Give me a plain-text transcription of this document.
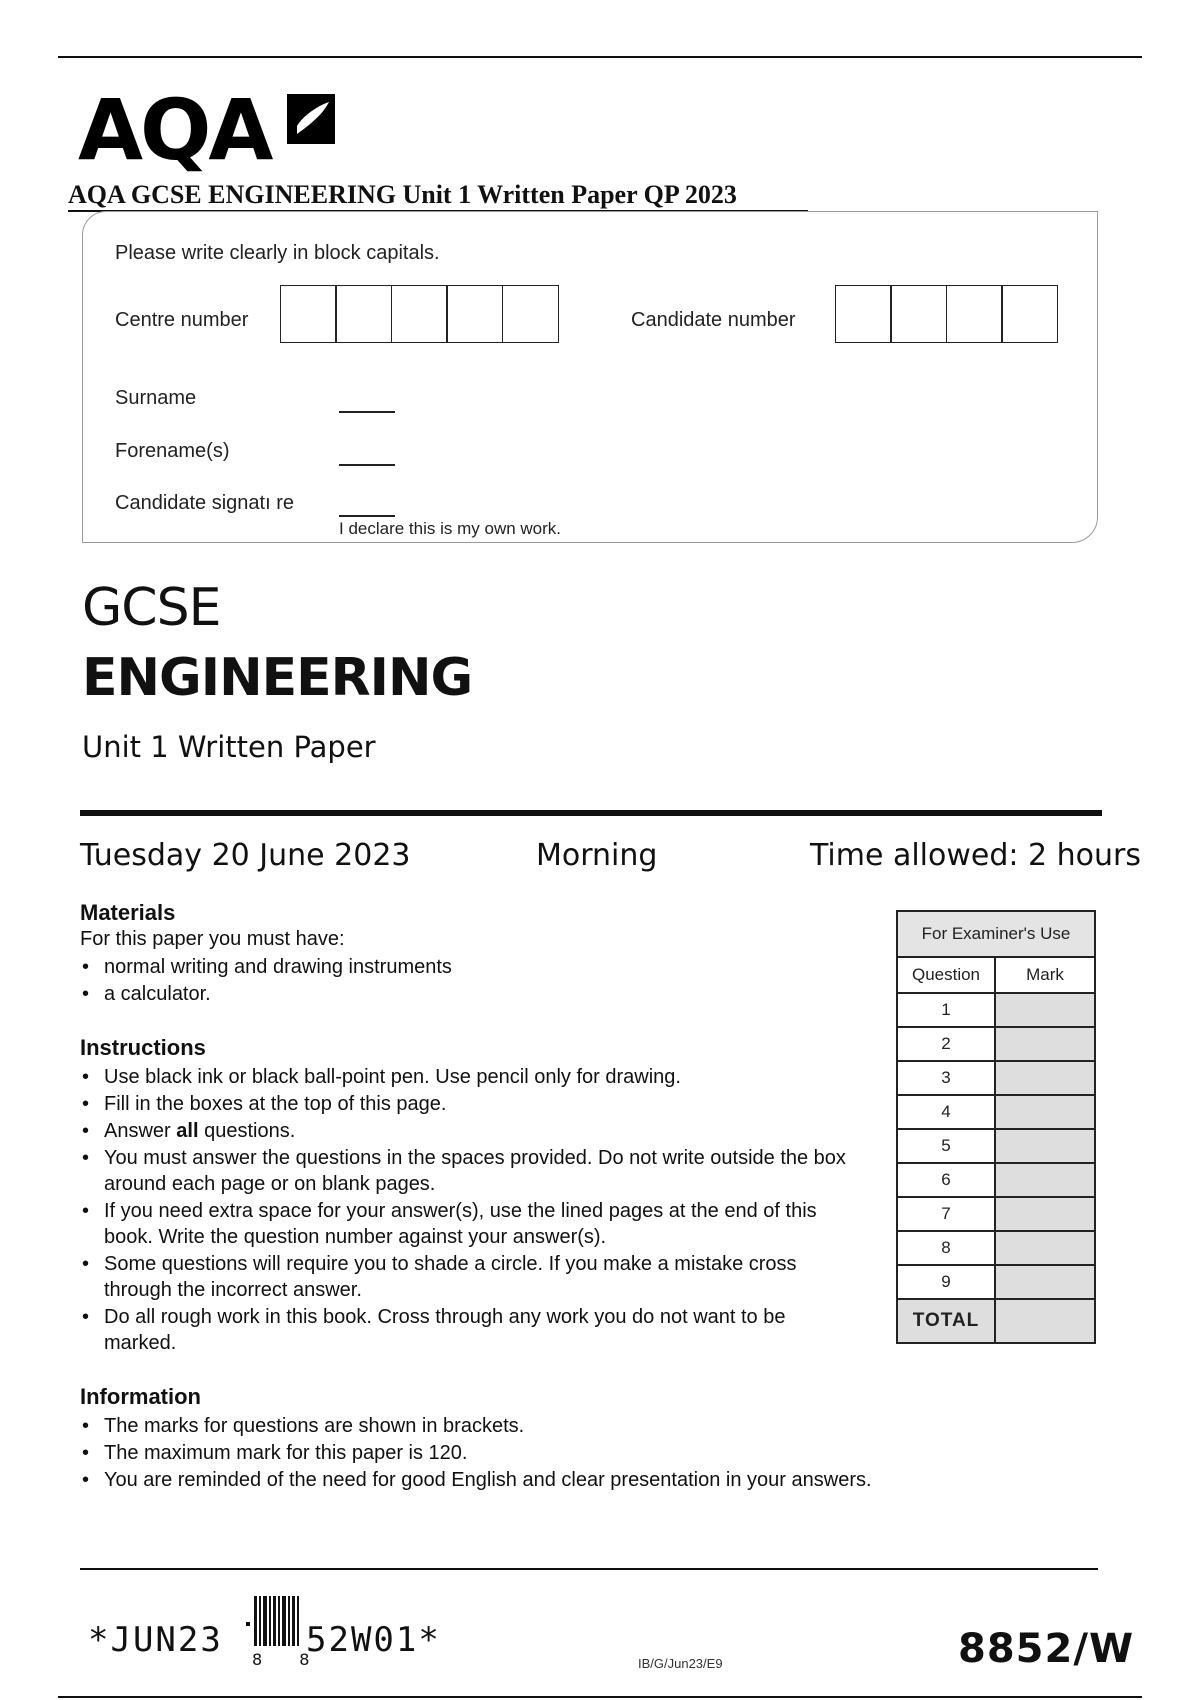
AQA
AQA GCSE ENGINEERING Unit 1 Written Paper QP 2023
Please write clearly in block capitals.
Centre number	Candidate number
Surname
Forename(s)
Candidate signatı re
I declare this is my own work.
GCSE
ENGINEERING
Unit 1 Written Paper
Tuesday 20 June 2023	Morning	Time allowed: 2 hours
Materials
For this paper you must have:
• normal writing and drawing instruments
• a calculator.
Instructions
• Use black ink or black ball-point pen. Use pencil only for drawing.
• Fill in the boxes at the top of this page.
• Answer all questions.
• You must answer the questions in the spaces provided. Do not write outside the box around each page or on blank pages.
• If you need extra space for your answer(s), use the lined pages at the end of this book. Write the question number against your answer(s).
• Some questions will require you to shade a circle. If you make a mistake cross through the incorrect answer.
• Do all rough work in this book. Cross through any work you do not want to be marked.
Information
• The marks for questions are shown in brackets.
• The maximum mark for this paper is 120.
• You are reminded of the need for good English and clear presentation in your answers.
For Examiner's Use	
Question	Mark
1	
2	
3	
4	
5	
6	
7	
8	
9	
TOTAL	
*JUN23 52W01*
8 8	IB/G/Jun23/E9	8852/W
